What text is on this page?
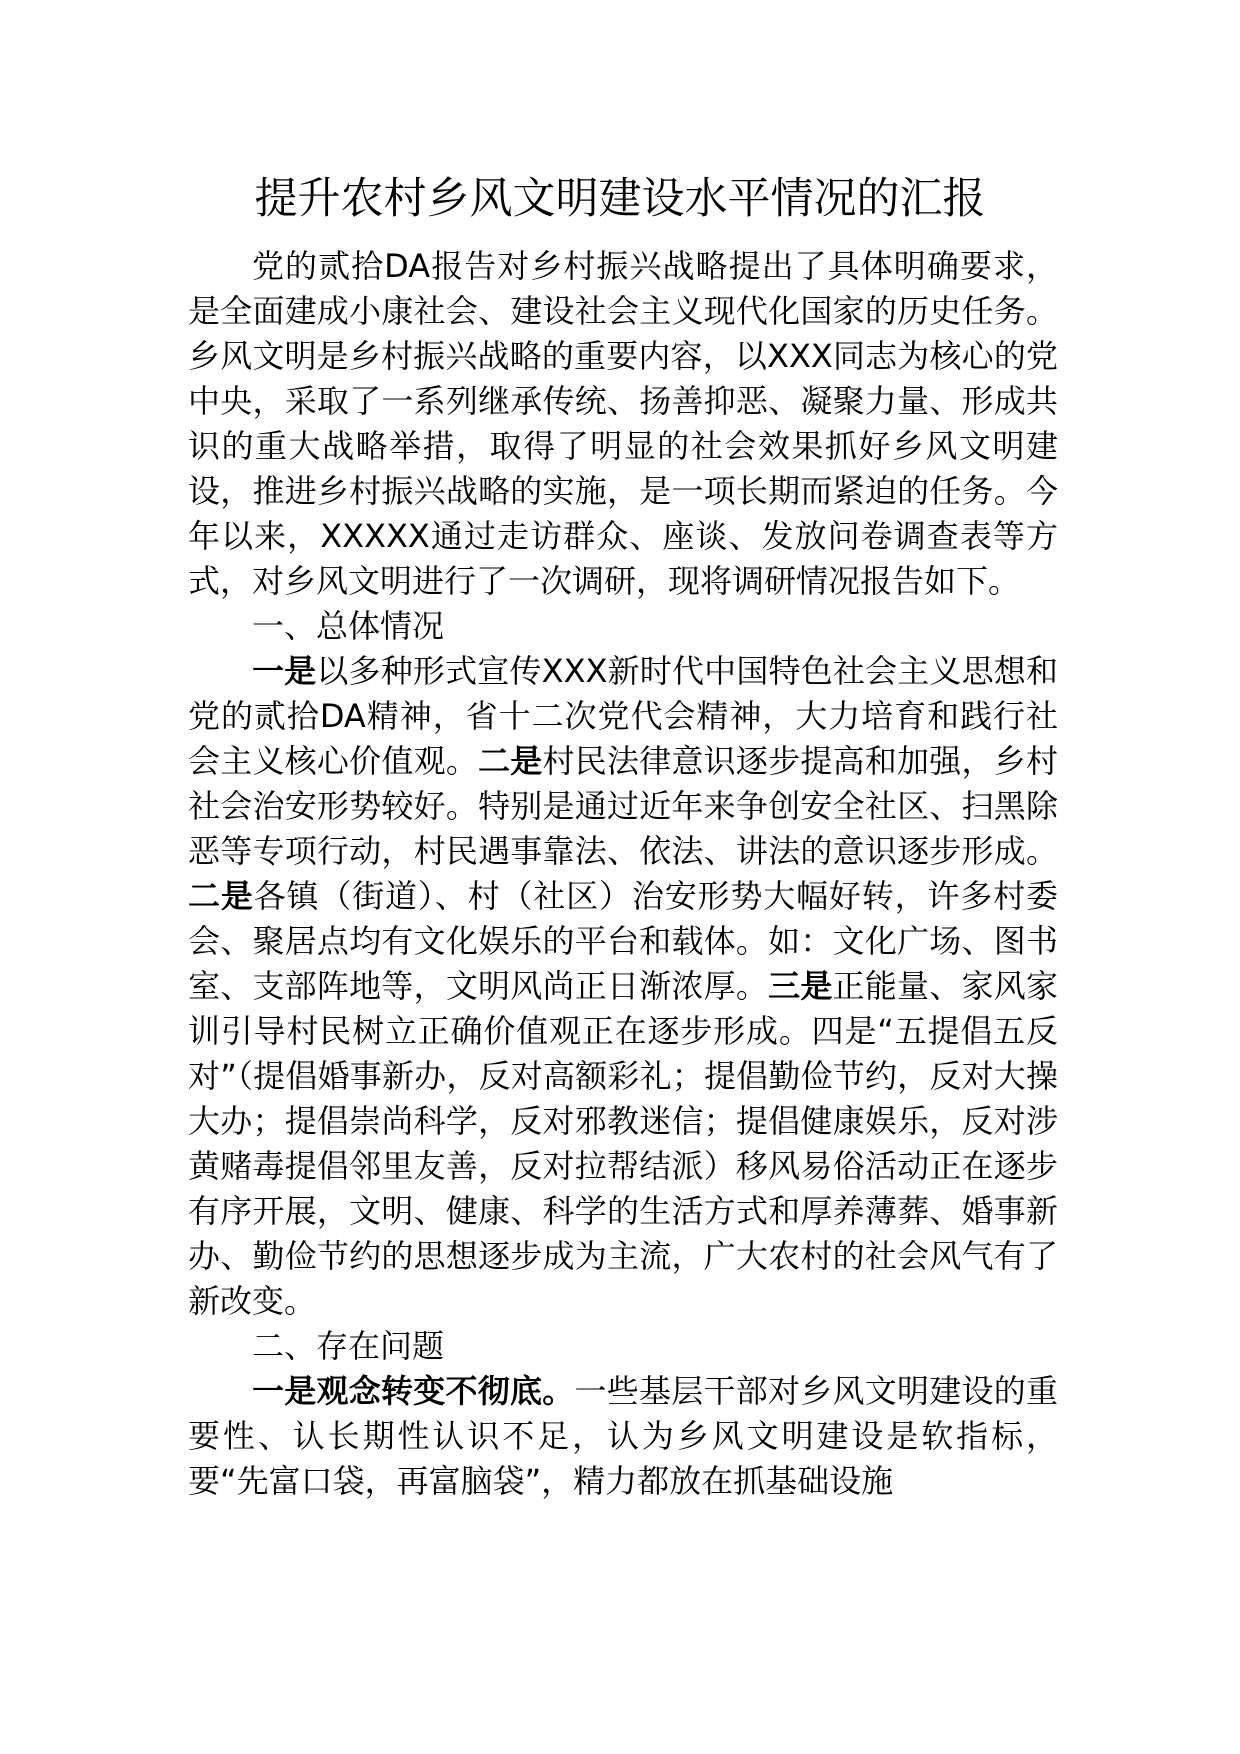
提升农村乡风文明建设水平情况的汇报

党的贰拾DA报告对乡村振兴战略提出了具体明确要求，是全面建成小康社会、建设社会主义现代化国家的历史任务。乡风文明是乡村振兴战略的重要内容，以XXX同志为核心的党中央，采取了一系列继承传统、扬善抑恶、凝聚力量、形成共识的重大战略举措，取得了明显的社会效果抓好乡风文明建设，推进乡村振兴战略的实施，是一项长期而紧迫的任务。今年以来，XXXXX通过走访群众、座谈、发放问卷调查表等方式，对乡风文明进行了一次调研，现将调研情况报告如下。

一、总体情况

一是以多种形式宣传XXX新时代中国特色社会主义思想和党的贰拾DA精神，省十二次党代会精神，大力培育和践行社会主义核心价值观。二是村民法律意识逐步提高和加强，乡村社会治安形势较好。特别是通过近年来争创安全社区、扫黑除恶等专项行动，村民遇事靠法、依法、讲法的意识逐步形成。二是各镇（街道）、村（社区）治安形势大幅好转，许多村委会、聚居点均有文化娱乐的平台和载体。如：文化广场、图书室、支部阵地等，文明风尚正日渐浓厚。三是正能量、家风家训引导村民树立正确价值观正在逐步形成。四是“五提倡五反对”（提倡婚事新办，反对高额彩礼；提倡勤俭节约，反对大操大办；提倡崇尚科学，反对邪教迷信；提倡健康娱乐，反对涉黄赌毒提倡邻里友善，反对拉帮结派）移风易俗活动正在逐步有序开展，文明、健康、科学的生活方式和厚养薄葬、婚事新办、勤俭节约的思想逐步成为主流，广大农村的社会风气有了新改变。

二、存在问题

一是观念转变不彻底。一些基层干部对乡风文明建设的重要性、认长期性认识不足，认为乡风文明建设是软指标，要“先富口袋，再富脑袋”，精力都放在抓基础设施
